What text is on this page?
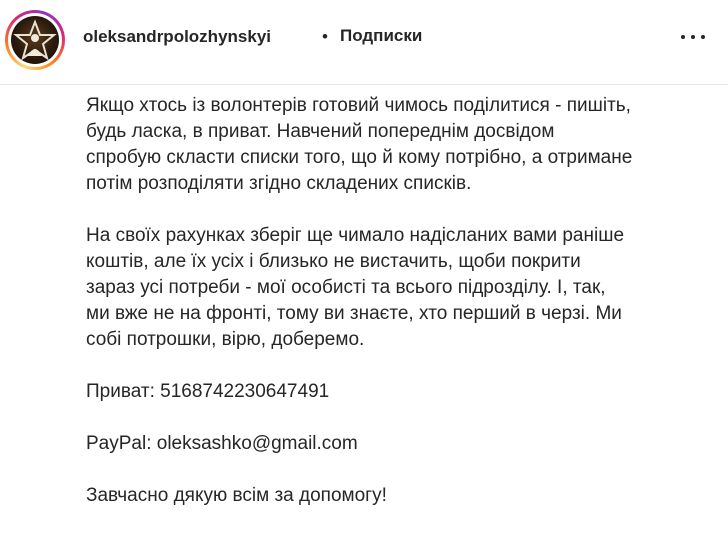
oleksandrpolozhynskyi	• Подписки

Якщо хтось із волонтерів готовий чимось поділитися - пишіть,

будь ласка, в приват. Навчений попереднім досвідом

спробую скласти списки того, що й кому потрібно, а отримане

потім розподіляти згідно складених списків.

На своїх рахунках зберіг ще чимало надісланих вами раніше

коштів, але їх усіх і близько не вистачить, щоби покрити

зараз усі потреби - мої особисті та всього підрозділу. І, так,

ми вже не на фронті, тому ви знаєте, хто перший в черзі. Ми

собі потрошки, вірю, доберемо.

Приват: 5168742230647491

PayPal: oleksashko@gmail.com

Завчасно дякую всім за допомогу!
